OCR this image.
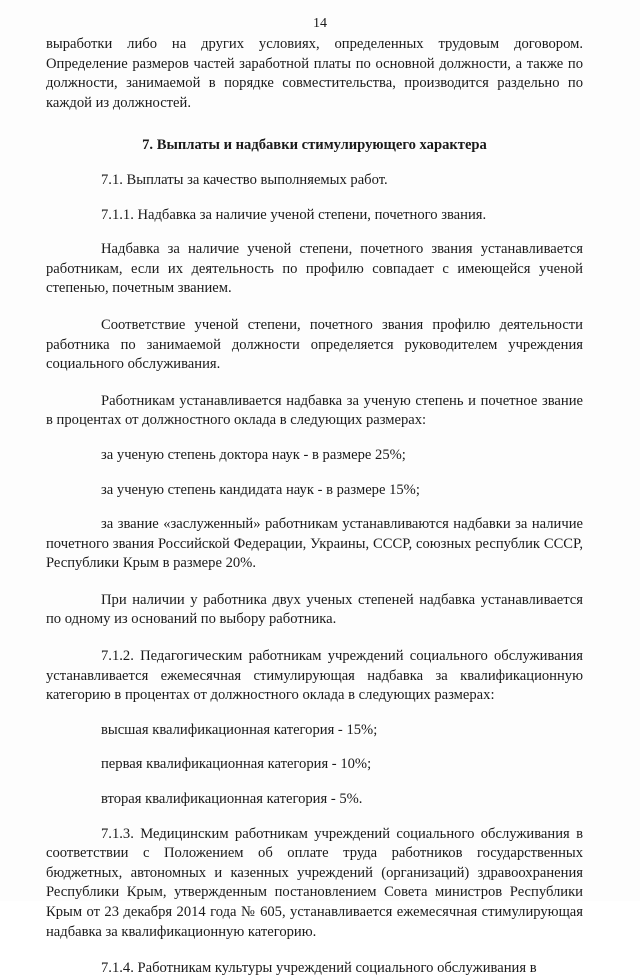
14

выработки либо на других условиях, определенных трудовым договором. Определение размеров частей заработной платы по основной должности, а также по должности, занимаемой в порядке совместительства, производится раздельно по каждой из должностей.

7. Выплаты и надбавки стимулирующего характера

7.1. Выплаты за качество выполняемых работ.

7.1.1. Надбавка за наличие ученой степени, почетного звания.

Надбавка за наличие ученой степени, почетного звания устанавливается работникам, если их деятельность по профилю совпадает с имеющейся ученой степенью, почетным званием.

Соответствие ученой степени, почетного звания профилю деятельности работника по занимаемой должности определяется руководителем учреждения социального обслуживания.

Работникам устанавливается надбавка за ученую степень и почетное звание в процентах от должностного оклада в следующих размерах:

за ученую степень доктора наук - в размере 25%;

за ученую степень кандидата наук - в размере 15%;

за звание «заслуженный» работникам устанавливаются надбавки за наличие почетного звания Российской Федерации, Украины, СССР, союзных республик СССР, Республики Крым в размере 20%.

При наличии у работника двух ученых степеней надбавка устанавливается по одному из оснований по выбору работника.

7.1.2. Педагогическим работникам учреждений социального обслуживания устанавливается ежемесячная стимулирующая надбавка за квалификационную категорию в процентах от должностного оклада в следующих размерах:

высшая квалификационная категория - 15%;

первая квалификационная категория - 10%;

вторая квалификационная категория - 5%.

7.1.3. Медицинским работникам учреждений социального обслуживания в соответствии с Положением об оплате труда работников государственных бюджетных, автономных и казенных учреждений (организаций) здравоохранения Республики Крым, утвержденным постановлением Совета министров Республики Крым от 23 декабря 2014 года № 605, устанавливается ежемесячная стимулирующая надбавка за квалификационную категорию.

7.1.4. Работникам культуры учреждений социального обслуживания в
